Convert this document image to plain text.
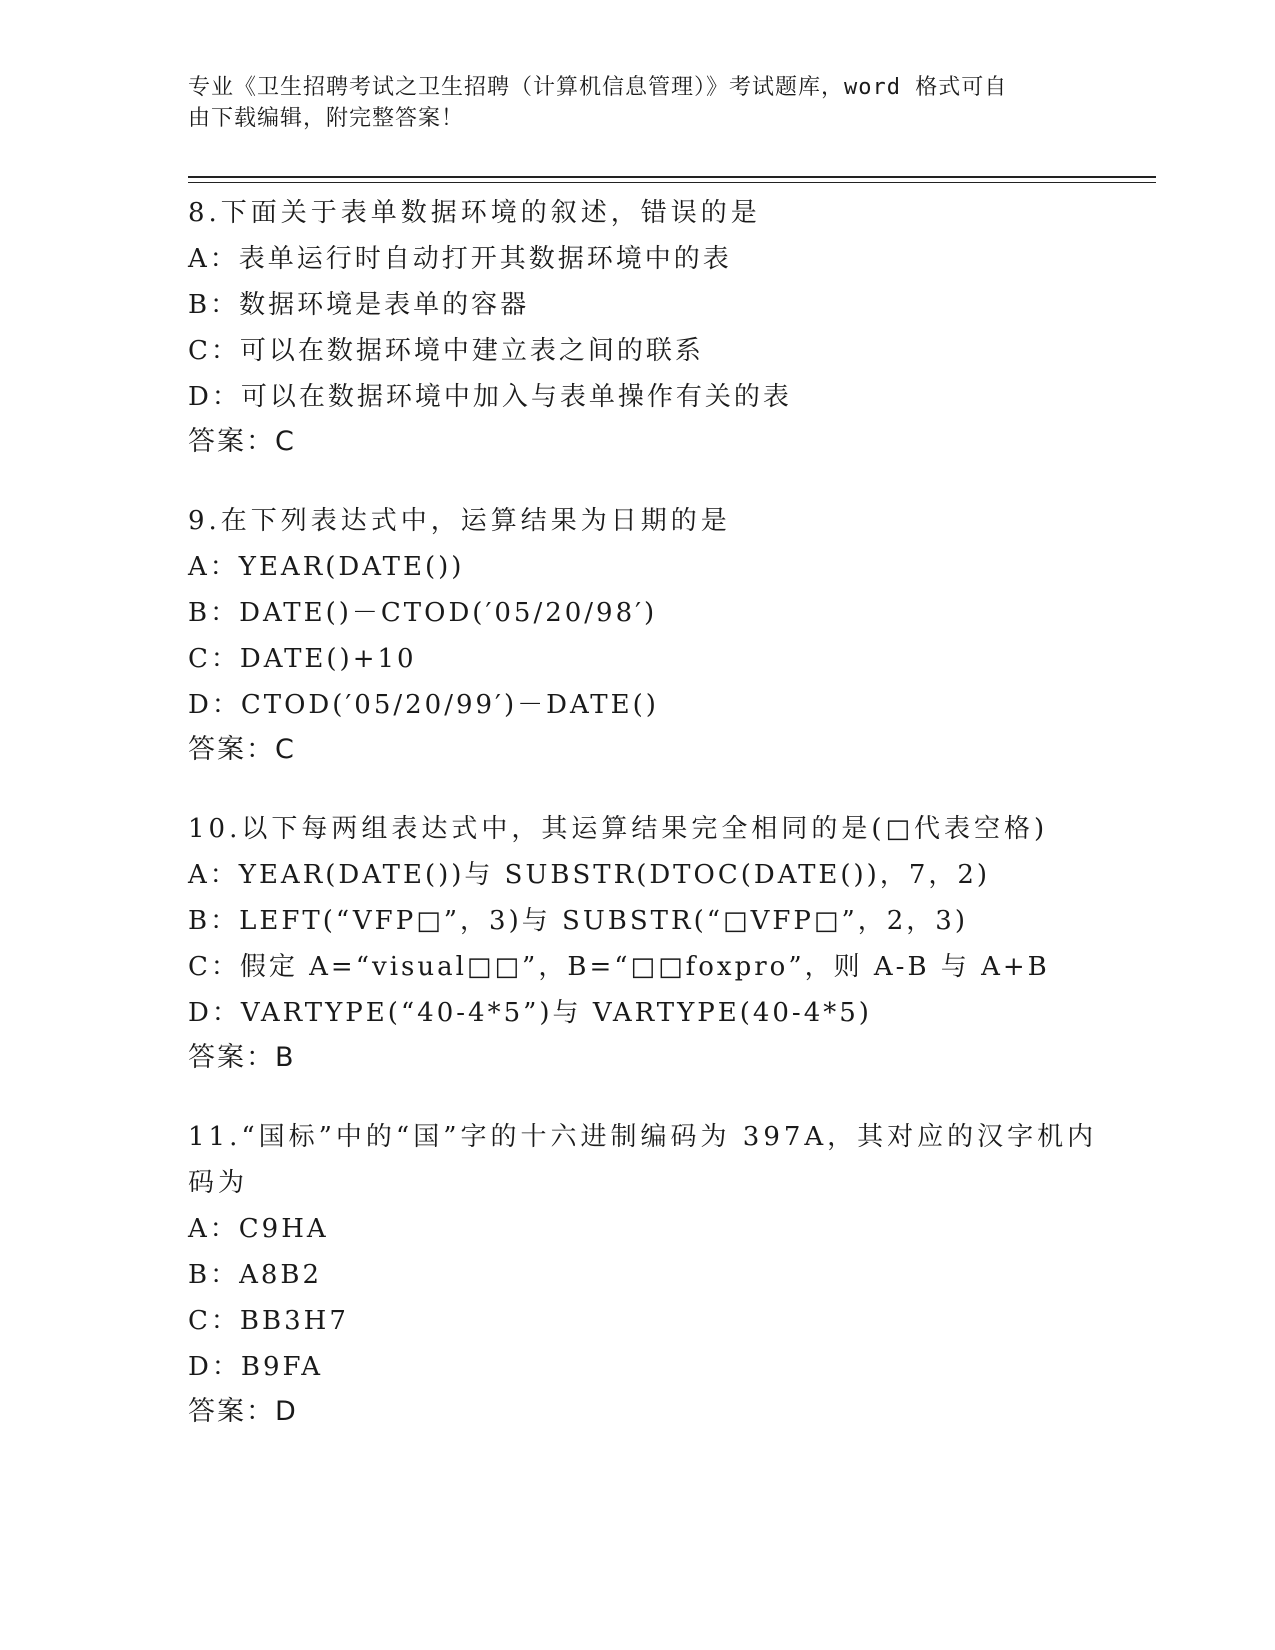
专业《卫生招聘考试之卫生招聘（计算机信息管理）》考试题库，word 格式可自
由下载编辑，附完整答案！
8.下面关于表单数据环境的叙述，错误的是
A：表单运行时自动打开其数据环境中的表
B：数据环境是表单的容器
C：可以在数据环境中建立表之间的联系
D：可以在数据环境中加入与表单操作有关的表
答案： C
9.在下列表达式中，运算结果为日期的是
A：YEAR(DATE())
B：DATE()－CTOD(′05/20/98′)
C：DATE()+10
D：CTOD(′05/20/99′)－DATE()
答案： C
10.以下每两组表达式中，其运算结果完全相同的是(□代表空格)
A：YEAR(DATE())与 SUBSTR(DTOC(DATE())，7，2)
B：LEFT(“VFP□”，3)与 SUBSTR(“□VFP□”，2，3)
C：假定 A=“visual□□”，B=“□□foxpro”，则 A-B 与 A+B
D：VARTYPE(“40-4*5”)与 VARTYPE(40-4*5)
答案： B
11.“国标”中的“国”字的十六进制编码为 397A，其对应的汉字机内码为
A：C9HA
B：A8B2
C：BB3H7
D：B9FA
答案： D
